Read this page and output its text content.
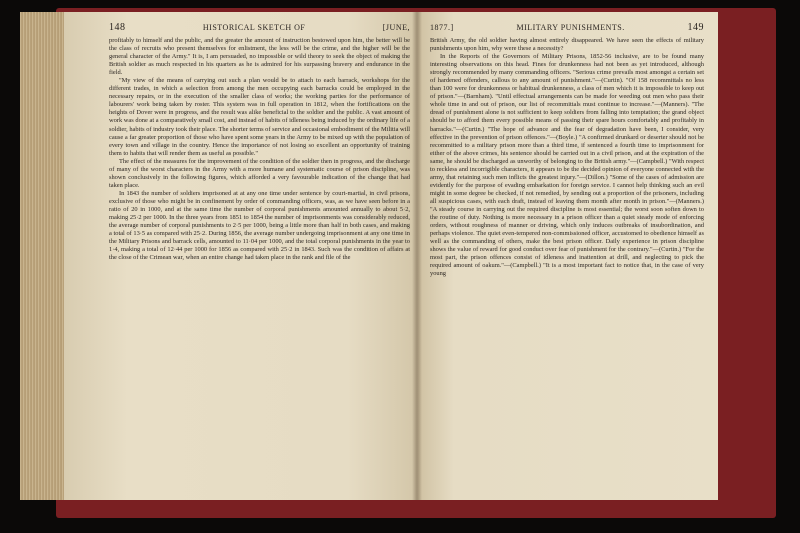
148	HISTORICAL SKETCH OF	[JUNE,

profitably to himself and the public, and the greater the amount of instruction bestowed upon him, the better will be the class of recruits who present themselves for enlistment, the less will be the crime, and the higher will be the general character of the Army." It is, I am persuaded, no impossible or wild theory to seek the object of making the British soldier as much respected in his quarters as he is admired for his surpassing bravery and endurance in the field.

"My view of the means of carrying out such a plan would be to attach to each barrack, workshops for the different trades, in which a selection from among the men occupying each barracks could be employed in the necessary repairs, or in the execution of the smaller class of works; the working parties for the performance of labourers' work being taken by roster. This system was in full operation in 1812, when the fortifications on the heights of Dover were in progress, and the result was alike beneficial to the soldier and the public. A vast amount of work was done at a comparatively small cost, and instead of habits of idleness being induced by the ordinary life of a soldier, habits of industry took their place. The shorter terms of service and occasional embodiment of the Militia will cause a far greater proportion of those who have spent some years in the Army to be mixed up with the population of every town and village in the country. Hence the importance of not losing so excellent an opportunity of training them to habits that will render them as useful as possible."

The effect of the measures for the improvement of the condition of the soldier then in progress, and the discharge of many of the worst characters in the Army with a more humane and systematic course of prison discipline, was shown conclusively in the following figures, which afforded a very favourable indication of the change that had taken place.

In 1843 the number of soldiers imprisoned at at any one time under sentence by court-martial, in civil prisons, exclusive of those who might be in confinement by order of commanding officers, was, as we have seen before in a ratio of 20 in 1000, and at the same time the number of corporal punishments amounted annually to about 5·2, making 25·2 per 1000. In the three years from 1851 to 1854 the number of imprisonments was considerably reduced, the average number of corporal punishments to 2·5 per 1000, being a little more than half in both cases, and making a total of 13·5 as compared with 25·2. During 1856, the average number undergoing imprisonment at any one time in the Military Prisons and barrack cells, amounted to 11·04 per 1000, and the total corporal punishments in the year to 1·4, making a total of 12·44 per 1000 for 1856 as compared with 25·2 in 1843. Such was the condition of affairs at the close of the Crimean war, when an entire change had taken place in the rank and file of the

1877.]	MILITARY PUNISHMENTS.	149

British Army, the old soldier having almost entirely disappeared. We have seen the effects of military punishments upon him, why were these a necessity?

In the Reports of the Governors of Military Prisons, 1852-56 inclusive, are to be found many interesting observations on this head. Fines for drunkenness had not been as yet introduced, although strongly recommended by many commanding officers. "Serious crime prevails most amongst a certain set of hardened offenders, callous to any amount of punishment."—(Curtin). "Of 158 recommittals no less than 100 were for drunkenness or habitual drunkenness, a class of men which it is impossible to keep out of prison."—(Barnham). "Until effectual arrangements can be made for weeding out men who pass their whole time in and out of prison, our list of recommittals must continue to increase."—(Manners). "The dread of punishment alone is not sufficient to keep soldiers from falling into temptation; the grand object should be to afford them every possible means of passing their spare hours comfortably and profitably in barracks."—(Curtin.) "The hope of advance and the fear of degradation have been, I consider, very effective in the prevention of prison offences."—(Boyle.) "A confirmed drunkard or deserter should not be recommitted to a military prison more than a third time, if sentenced a fourth time to imprisonment for either of the above crimes, his sentence should be carried out in a civil prison, and at the expiration of the same, he should be discharged as unworthy of belonging to the British army."—(Campbell.) "With respect to reckless and incorrigible characters, it appears to be the decided opinion of everyone connected with the army, that retaining such men inflicts the greatest injury."—(Dillon.) "Some of the cases of admission are evidently for the purpose of evading embarkation for foreign service. I cannot help thinking such an evil might in some degree be checked, if not remedied, by sending out a proportion of the prisoners, including all suspicious cases, with each draft, instead of leaving them month after month in prison."—(Manners.) "A steady course in carrying out the required discipline is most essential; the worst soon soften down to the routine of duty. Nothing is more necessary in a prison officer than a quiet steady mode of enforcing orders, without roughness of manner or driving, which only induces outbreaks of insubordination, and perhaps violence. The quiet even-tempered non-commissioned officer, accustomed to obedience himself as well as the commanding of others, make the best prison officer. Daily experience in prison discipline shows the value of reward for good conduct over fear of punishment for the contrary."—(Curtin.) "For the most part, the prison offences consist of idleness and inattention at drill, and neglecting to pick the required amount of oakum."—(Campbell.) "It is a most important fact to notice that, in the case of very young
